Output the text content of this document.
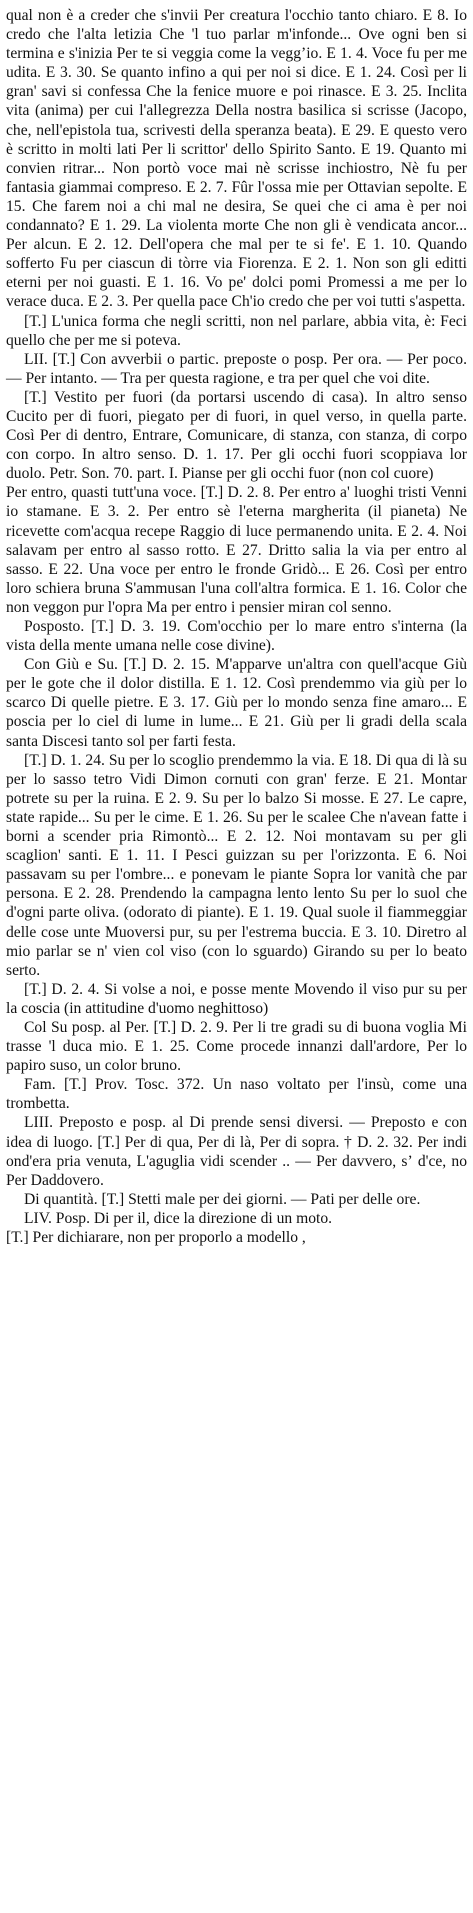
qual non è a creder che s'invii Per creatura l'occhio tanto chiaro. E 8. Io credo che l'alta letizia Che 'l tuo parlar m'infonde... Ove ogni ben si termina e s'inizia Per te si veggia come la veggʼio. E 1. 4. Voce fu per me udita. E 3. 30. Se quanto infino a qui per noi si dice. E 1. 24. Così per li gran' savi si confessa Che la fenice muore e poi rinasce. E 3. 25. Inclita vita (anima) per cui l'allegrezza Della nostra basilica si scrisse (Jacopo, che, nell'epistola tua, scrivesti della speranza beata). E 29. E questo vero è scritto in molti lati Per li scrittor' dello Spirito Santo. E 19. Quanto mi convien ritrar... Non portò voce mai nè scrisse inchiostro, Nè fu per fantasia giammai compreso. E 2. 7. Fûr l'ossa mie per Ottavian sepolte. E 15. Che farem noi a chi mal ne desira, Se quei che ci ama è per noi condannato? E 1. 29. La violenta morte Che non gli è vendicata ancor... Per alcun. E 2. 12. Dell'opera che mal per te si fe'. E 1. 10. Quando sofferto Fu per ciascun di tòrre via Fiorenza. E 2. 1. Non son gli editti eterni per noi guasti. E 1. 16. Vo pe' dolci pomi Promessi a me per lo verace duca. E 2. 3. Per quella pace Ch'io credo che per voi tutti s'aspetta.

[T.] L'unica forma che negli scritti, non nel parlare, abbia vita, è: Feci quello che per me si poteva.

LII. [T.] Con avverbii o partic. preposte o posp. Per ora. — Per poco. — Per intanto. — Tra per questa ragione, e tra per quel che voi dite.

[T.] Vestito per fuori (da portarsi uscendo di casa). In altro senso Cucito per di fuori, piegato per di fuori, in quel verso, in quella parte. Così Per di dentro, Entrare, Comunicare, di stanza, con stanza, di corpo con corpo. In altro senso. D. 1. 17. Per gli occhi fuori scoppiava lor duolo. Petr. Son. 70. part. I. Pianse per gli occhi fuor (non col cuore)

Per entro, quasti tutt'una voce. [T.] D. 2. 8. Per entro a' luoghi tristi Venni io stamane. E 3. 2. Per entro sè l'eterna margherita (il pianeta) Ne ricevette com'acqua recepe Raggio di luce permanendo unita. E 2. 4. Noi salavam per entro al sasso rotto. E 27. Dritto salia la via per entro al sasso. E 22. Una voce per entro le fronde Gridò... E 26. Così per entro loro schiera bruna S'ammusan l'una coll'altra formica. E 1. 16. Color che non veggon pur l'opra Ma per entro i pensier miran col senno.

Posposto. [T.] D. 3. 19. Com'occhio per lo mare entro s'interna (la vista della mente umana nelle cose divine).

Con Giù e Su. [T.] D. 2. 15. M'apparve un'altra con quell'acque Giù per le gote che il dolor distilla. E 1. 12. Così prendemmo via giù per lo scarco Di quelle pietre. E 3. 17. Giù per lo mondo senza fine amaro... E poscia per lo ciel di lume in lume... E 21. Giù per li gradi della scala santa Discesi tanto sol per farti festa.

[T.] D. 1. 24. Su per lo scoglio prendemmo la via. E 18. Di qua di là su per lo sasso tetro Vidi Dimon cornuti con gran' ferze. E 21. Montar potrete su per la ruina. E 2. 9. Su per lo balzo Si mosse. E 27. Le capre, state rapide... Su per le cime. E 1. 26. Su per le scalee Che n'avean fatte i borni a scender pria Rimontò... E 2. 12. Noi montavam su per gli scaglion' santi. E 1. 11. I Pesci guizzan su per l'orizzonta. E 6. Noi passavam su per l'ombre... e ponevam le piante Sopra lor vanità che par persona. E 2. 28. Prendendo la campagna lento lento Su per lo suol che d'ogni parte oliva. (odorato di piante). E 1. 19. Qual suole il fiammeggiar delle cose unte Muoversi pur, su per l'estrema buccia. E 3. 10. Diretro al mio parlar se n' vien col viso (con lo sguardo) Girando su per lo beato serto.

[T.] D. 2. 4. Si volse a noi, e posse mente Movendo il viso pur su per la coscia (in attitudine d'uomo neghittoso)

Col Su posp. al Per. [T.] D. 2. 9. Per li tre gradi su di buona voglia Mi trasse 'l duca mio. E 1. 25. Come procede innanzi dall'ardore, Per lo papiro suso, un color bruno.

Fam. [T.] Prov. Tosc. 372. Un naso voltato per l'insù, come una trombetta.

LIII. Preposto e posp. al Di prende sensi diversi. — Preposto e con idea di luogo. [T.] Per di qua, Per di là, Per di sopra. † D. 2. 32. Per indi ond'era pria venuta, L'aguglia vidi scender .. — Per davvero, sʼ d'ce, no Per Daddovero.

Di quantità. [T.] Stetti male per dei giorni. — Pati per delle ore.

LIV. Posp. Di per il, dice la direzione di un moto.

[T.] Per dichiarare, non per proporlo a modello ,
